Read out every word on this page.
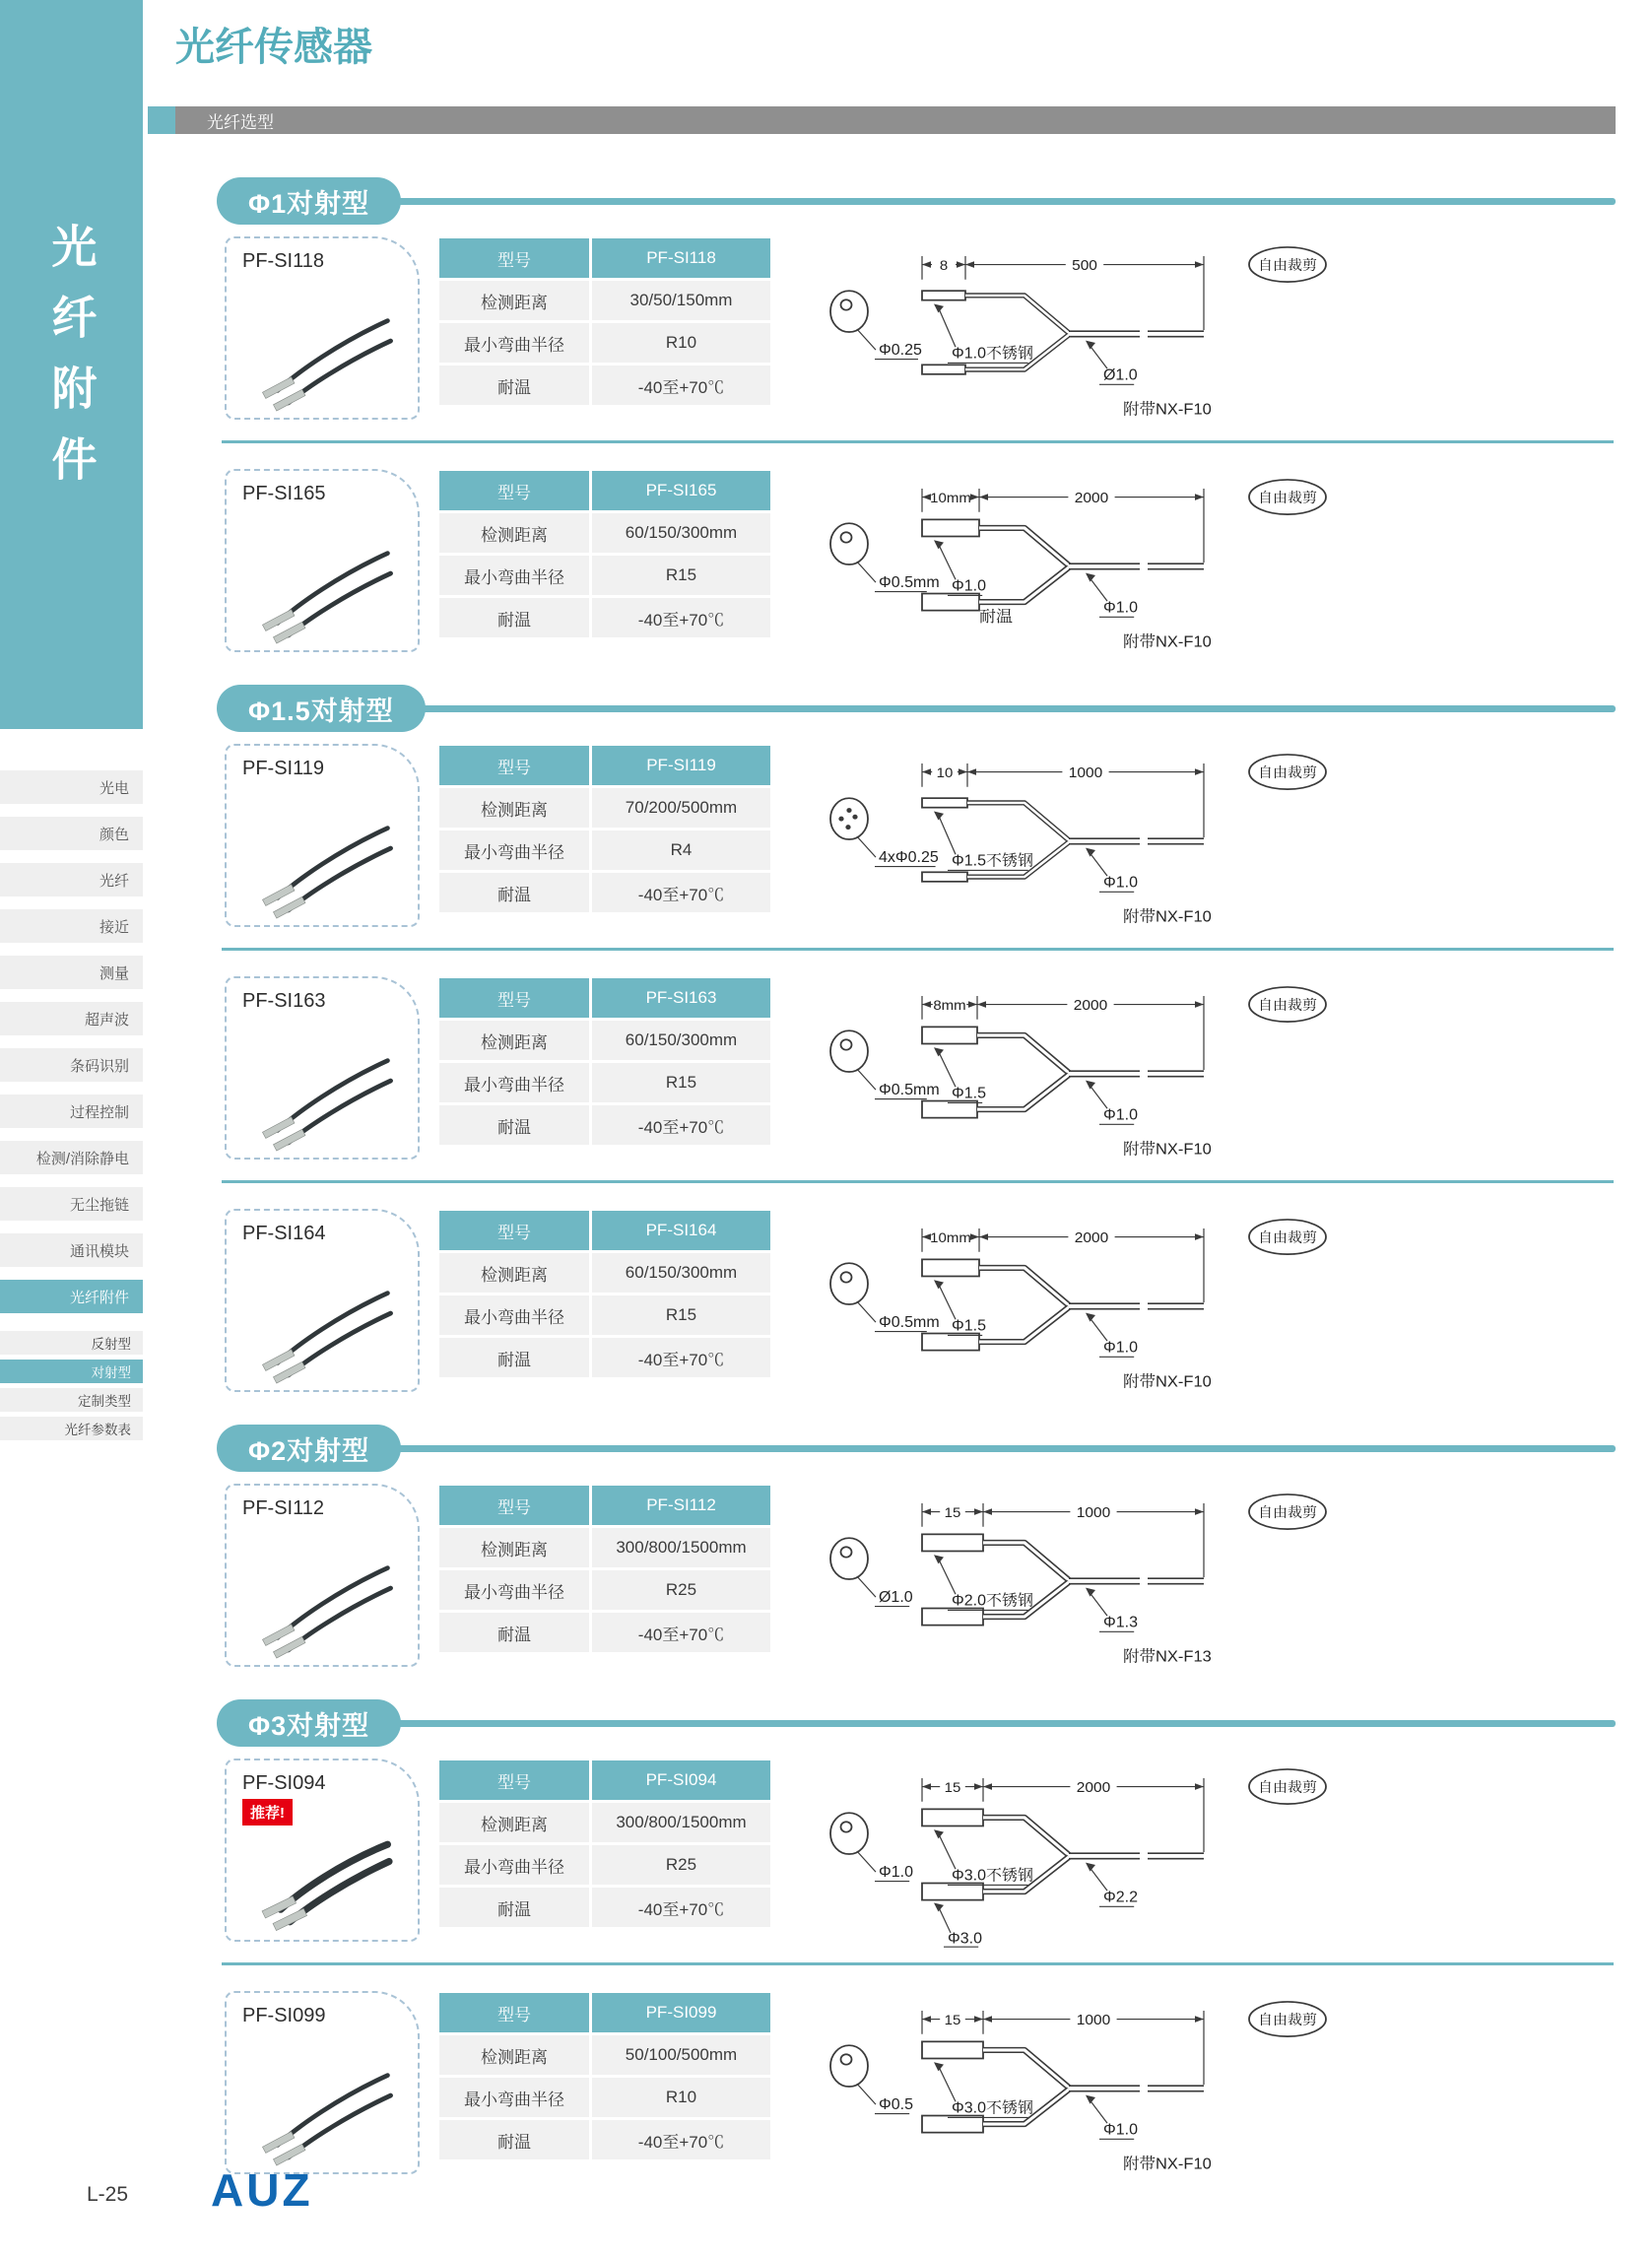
光纤附件
光电
颜色
光纤
接近
测量
超声波
条码识别
过程控制
检测/消除静电
无尘拖链
通讯模块
光纤附件
反射型
对射型
定制类型
光纤参数表
光纤传感器
光纤选型
Φ1对射型
PF-SI118	型号	PF-SI118
检测距离	30/50/150mm
最小弯曲半径	R10
耐温	-40至+70℃
8	500
Φ0.25 Φ1.0不锈钢
Ø1.0
附带NX-F10
自由裁剪
PF-SI165	型号	PF-SI165
检测距离	60/150/300mm
最小弯曲半径	R15
耐温	-40至+70℃
10mm	2000
Φ0.5mm Φ1.0
Φ1.0
耐温
附带NX-F10
自由裁剪
Φ1.5对射型
PF-SI119	型号	PF-SI119
检测距离	70/200/500mm
最小弯曲半径	R4
耐温	-40至+70℃
10	1000
4xΦ0.25 Φ1.5不锈钢
Φ1.0
附带NX-F10
自由裁剪
PF-SI163	型号	PF-SI163
检测距离	60/150/300mm
最小弯曲半径	R15
耐温	-40至+70℃
8mm	2000
Φ0.5mm Φ1.5
Φ1.0
附带NX-F10
自由裁剪
PF-SI164	型号	PF-SI164
检测距离	60/150/300mm
最小弯曲半径	R15
耐温	-40至+70℃
10mm	2000
Φ0.5mm Φ1.5
Φ1.0
附带NX-F10
自由裁剪
Φ2对射型
PF-SI112	型号	PF-SI112
检测距离	300/800/1500mm
最小弯曲半径	R25
耐温	-40至+70℃
15	1000
Ø1.0 Φ2.0不锈钢
Φ1.3
附带NX-F13
自由裁剪
Φ3对射型
PF-SI094
推荐!
型号	PF-SI094
检测距离	300/800/1500mm
最小弯曲半径	R25
耐温	-40至+70℃
15	2000
Φ1.0 Φ3.0不锈钢
Φ2.2
Φ3.0
自由裁剪
PF-SI099	型号	PF-SI099
检测距离	50/100/500mm
最小弯曲半径	R10
耐温	-40至+70℃
15	1000
Φ0.5 Φ3.0不锈钢
Φ1.0
附带NX-F10
自由裁剪
L-25 AUZ
